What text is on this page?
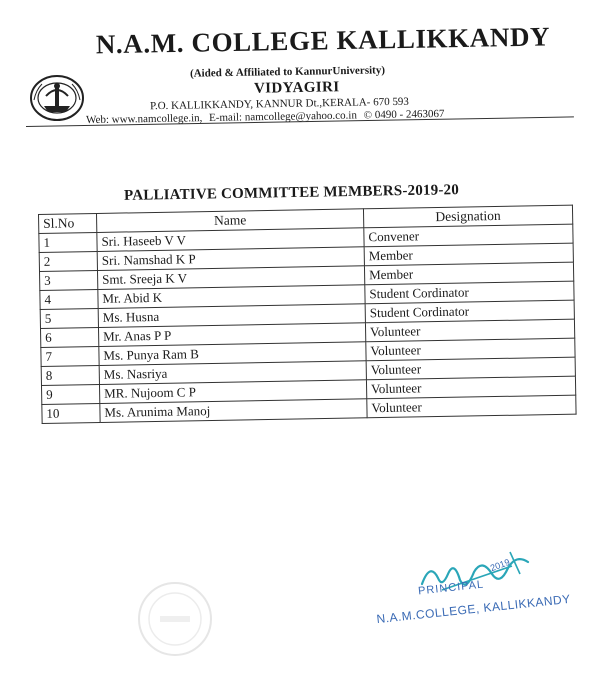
N.A.M. COLLEGE KALLIKKANDY
(Aided & Affiliated to KannurUniversity)
VIDYAGIRI
P.O. KALLIKKANDY, KANNUR Dt.,KERALA- 670 593
Web: www.namcollege.in, E-mail: namcollege@yahoo.co.in © 0490 - 2463067
PALLIATIVE COMMITTEE MEMBERS-2019-20
Sl.No	Name	Designation
1	Sri. Haseeb V V	Convener
2	Sri. Namshad K P	Member
3	Smt. Sreeja K V	Member
4	Mr. Abid K	Student Cordinator
5	Ms. Husna	Student Cordinator
6	Mr. Anas P P	Volunteer
7	Ms. Punya Ram B	Volunteer
8	Ms. Nasriya	Volunteer
9	MR. Nujoom C P	Volunteer
10	Ms. Arunima Manoj	Volunteer
2019
PRINCIPAL
N.A.M.COLLEGE, KALLIKKANDY
